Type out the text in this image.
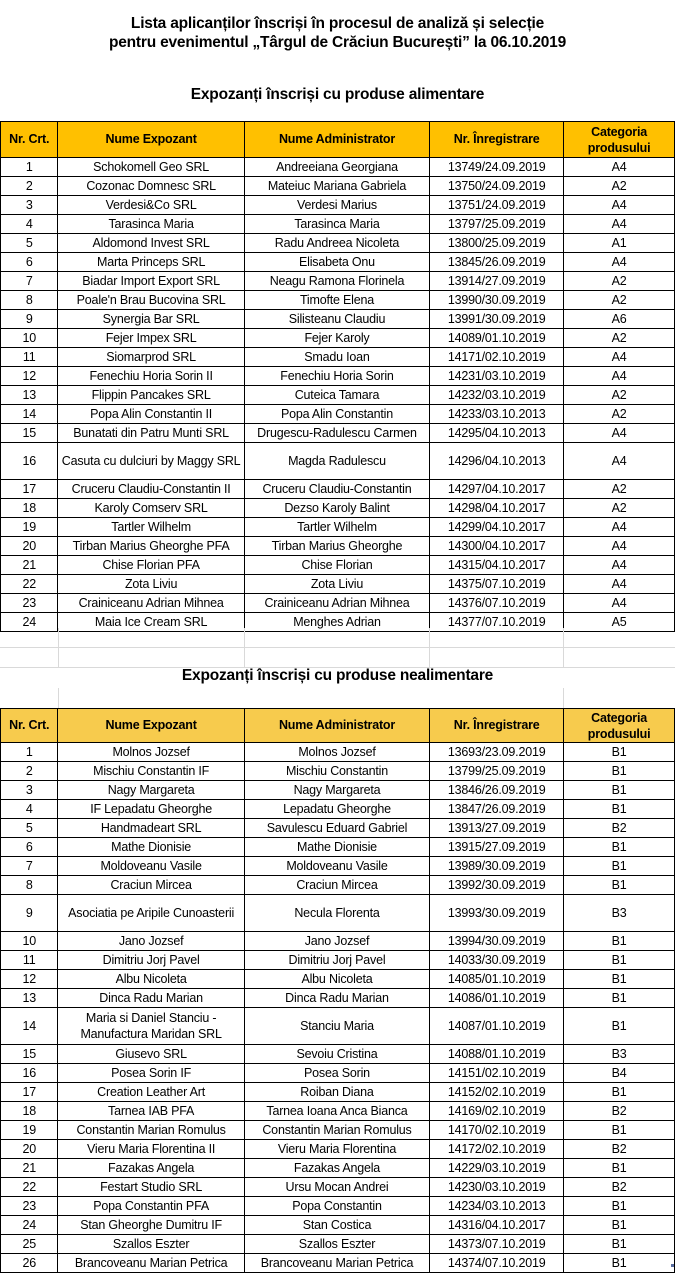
Lista aplicanților înscriși în procesul de analiză și selecție
pentru evenimentul „Târgul de Crăciun București” la 06.10.2019
Expozanți înscriși cu produse alimentare
Nr. Crt.	Nume Expozant	Nume Administrator	Nr. Înregistrare	Categoria produsului
1	Schokomell Geo SRL	Andreeiana Georgiana	13749/24.09.2019	A4
2	Cozonac Domnesc SRL	Mateiuc Mariana Gabriela	13750/24.09.2019	A2
3	Verdesi&Co SRL	Verdesi Marius	13751/24.09.2019	A4
4	Tarasinca Maria	Tarasinca Maria	13797/25.09.2019	A4
5	Aldomond Invest SRL	Radu Andreea Nicoleta	13800/25.09.2019	A1
6	Marta Princeps SRL	Elisabeta Onu	13845/26.09.2019	A4
7	Biadar Import Export SRL	Neagu Ramona Florinela	13914/27.09.2019	A2
8	Poale'n Brau Bucovina SRL	Timofte Elena	13990/30.09.2019	A2
9	Synergia Bar SRL	Silisteanu Claudiu	13991/30.09.2019	A6
10	Fejer Impex SRL	Fejer Karoly	14089/01.10.2019	A2
11	Siomarprod SRL	Smadu Ioan	14171/02.10.2019	A4
12	Fenechiu Horia Sorin II	Fenechiu Horia Sorin	14231/03.10.2019	A4
13	Flippin Pancakes SRL	Cuteica Tamara	14232/03.10.2019	A2
14	Popa Alin Constantin II	Popa Alin Constantin	14233/03.10.2013	A2
15	Bunatati din Patru Munti SRL	Drugescu-Radulescu Carmen	14295/04.10.2013	A4
16	Casuta cu dulciuri by Maggy SRL	Magda Radulescu	14296/04.10.2013	A4
17	Cruceru Claudiu-Constantin II	Cruceru Claudiu-Constantin	14297/04.10.2017	A2
18	Karoly Comserv SRL	Dezso Karoly Balint	14298/04.10.2017	A2
19	Tartler Wilhelm	Tartler Wilhelm	14299/04.10.2017	A4
20	Tirban Marius Gheorghe PFA	Tirban Marius Gheorghe	14300/04.10.2017	A4
21	Chise Florian PFA	Chise Florian	14315/04.10.2017	A4
22	Zota Liviu	Zota Liviu	14375/07.10.2019	A4
23	Crainiceanu Adrian Mihnea	Crainiceanu Adrian Mihnea	14376/07.10.2019	A4
24	Maia Ice Cream SRL	Menghes Adrian	14377/07.10.2019	A5
Expozanți înscriși cu produse nealimentare
Nr. Crt.	Nume Expozant	Nume Administrator	Nr. Înregistrare	Categoria produsului
1	Molnos Jozsef	Molnos Jozsef	13693/23.09.2019	B1
2	Mischiu Constantin IF	Mischiu Constantin	13799/25.09.2019	B1
3	Nagy Margareta	Nagy Margareta	13846/26.09.2019	B1
4	IF Lepadatu Gheorghe	Lepadatu Gheorghe	13847/26.09.2019	B1
5	Handmadeart SRL	Savulescu Eduard Gabriel	13913/27.09.2019	B2
6	Mathe Dionisie	Mathe Dionisie	13915/27.09.2019	B1
7	Moldoveanu Vasile	Moldoveanu Vasile	13989/30.09.2019	B1
8	Craciun Mircea	Craciun Mircea	13992/30.09.2019	B1
9	Asociatia pe Aripile Cunoasterii	Necula Florenta	13993/30.09.2019	B3
10	Jano Jozsef	Jano Jozsef	13994/30.09.2019	B1
11	Dimitriu Jorj Pavel	Dimitriu Jorj Pavel	14033/30.09.2019	B1
12	Albu Nicoleta	Albu Nicoleta	14085/01.10.2019	B1
13	Dinca Radu Marian	Dinca Radu Marian	14086/01.10.2019	B1
14	Maria si Daniel Stanciu - Manufactura Maridan SRL	Stanciu Maria	14087/01.10.2019	B1
15	Giusevo SRL	Sevoiu Cristina	14088/01.10.2019	B3
16	Posea Sorin IF	Posea Sorin	14151/02.10.2019	B4
17	Creation Leather Art	Roiban Diana	14152/02.10.2019	B1
18	Tarnea IAB PFA	Tarnea Ioana Anca Bianca	14169/02.10.2019	B2
19	Constantin Marian Romulus	Constantin Marian Romulus	14170/02.10.2019	B1
20	Vieru Maria Florentina II	Vieru Maria Florentina	14172/02.10.2019	B2
21	Fazakas Angela	Fazakas Angela	14229/03.10.2019	B1
22	Festart Studio SRL	Ursu Mocan Andrei	14230/03.10.2019	B2
23	Popa Constantin PFA	Popa Constantin	14234/03.10.2013	B1
24	Stan Gheorghe Dumitru IF	Stan Costica	14316/04.10.2017	B1
25	Szallos Eszter	Szallos Eszter	14373/07.10.2019	B1
26	Brancoveanu Marian Petrica	Brancoveanu Marian Petrica	14374/07.10.2019	B1
